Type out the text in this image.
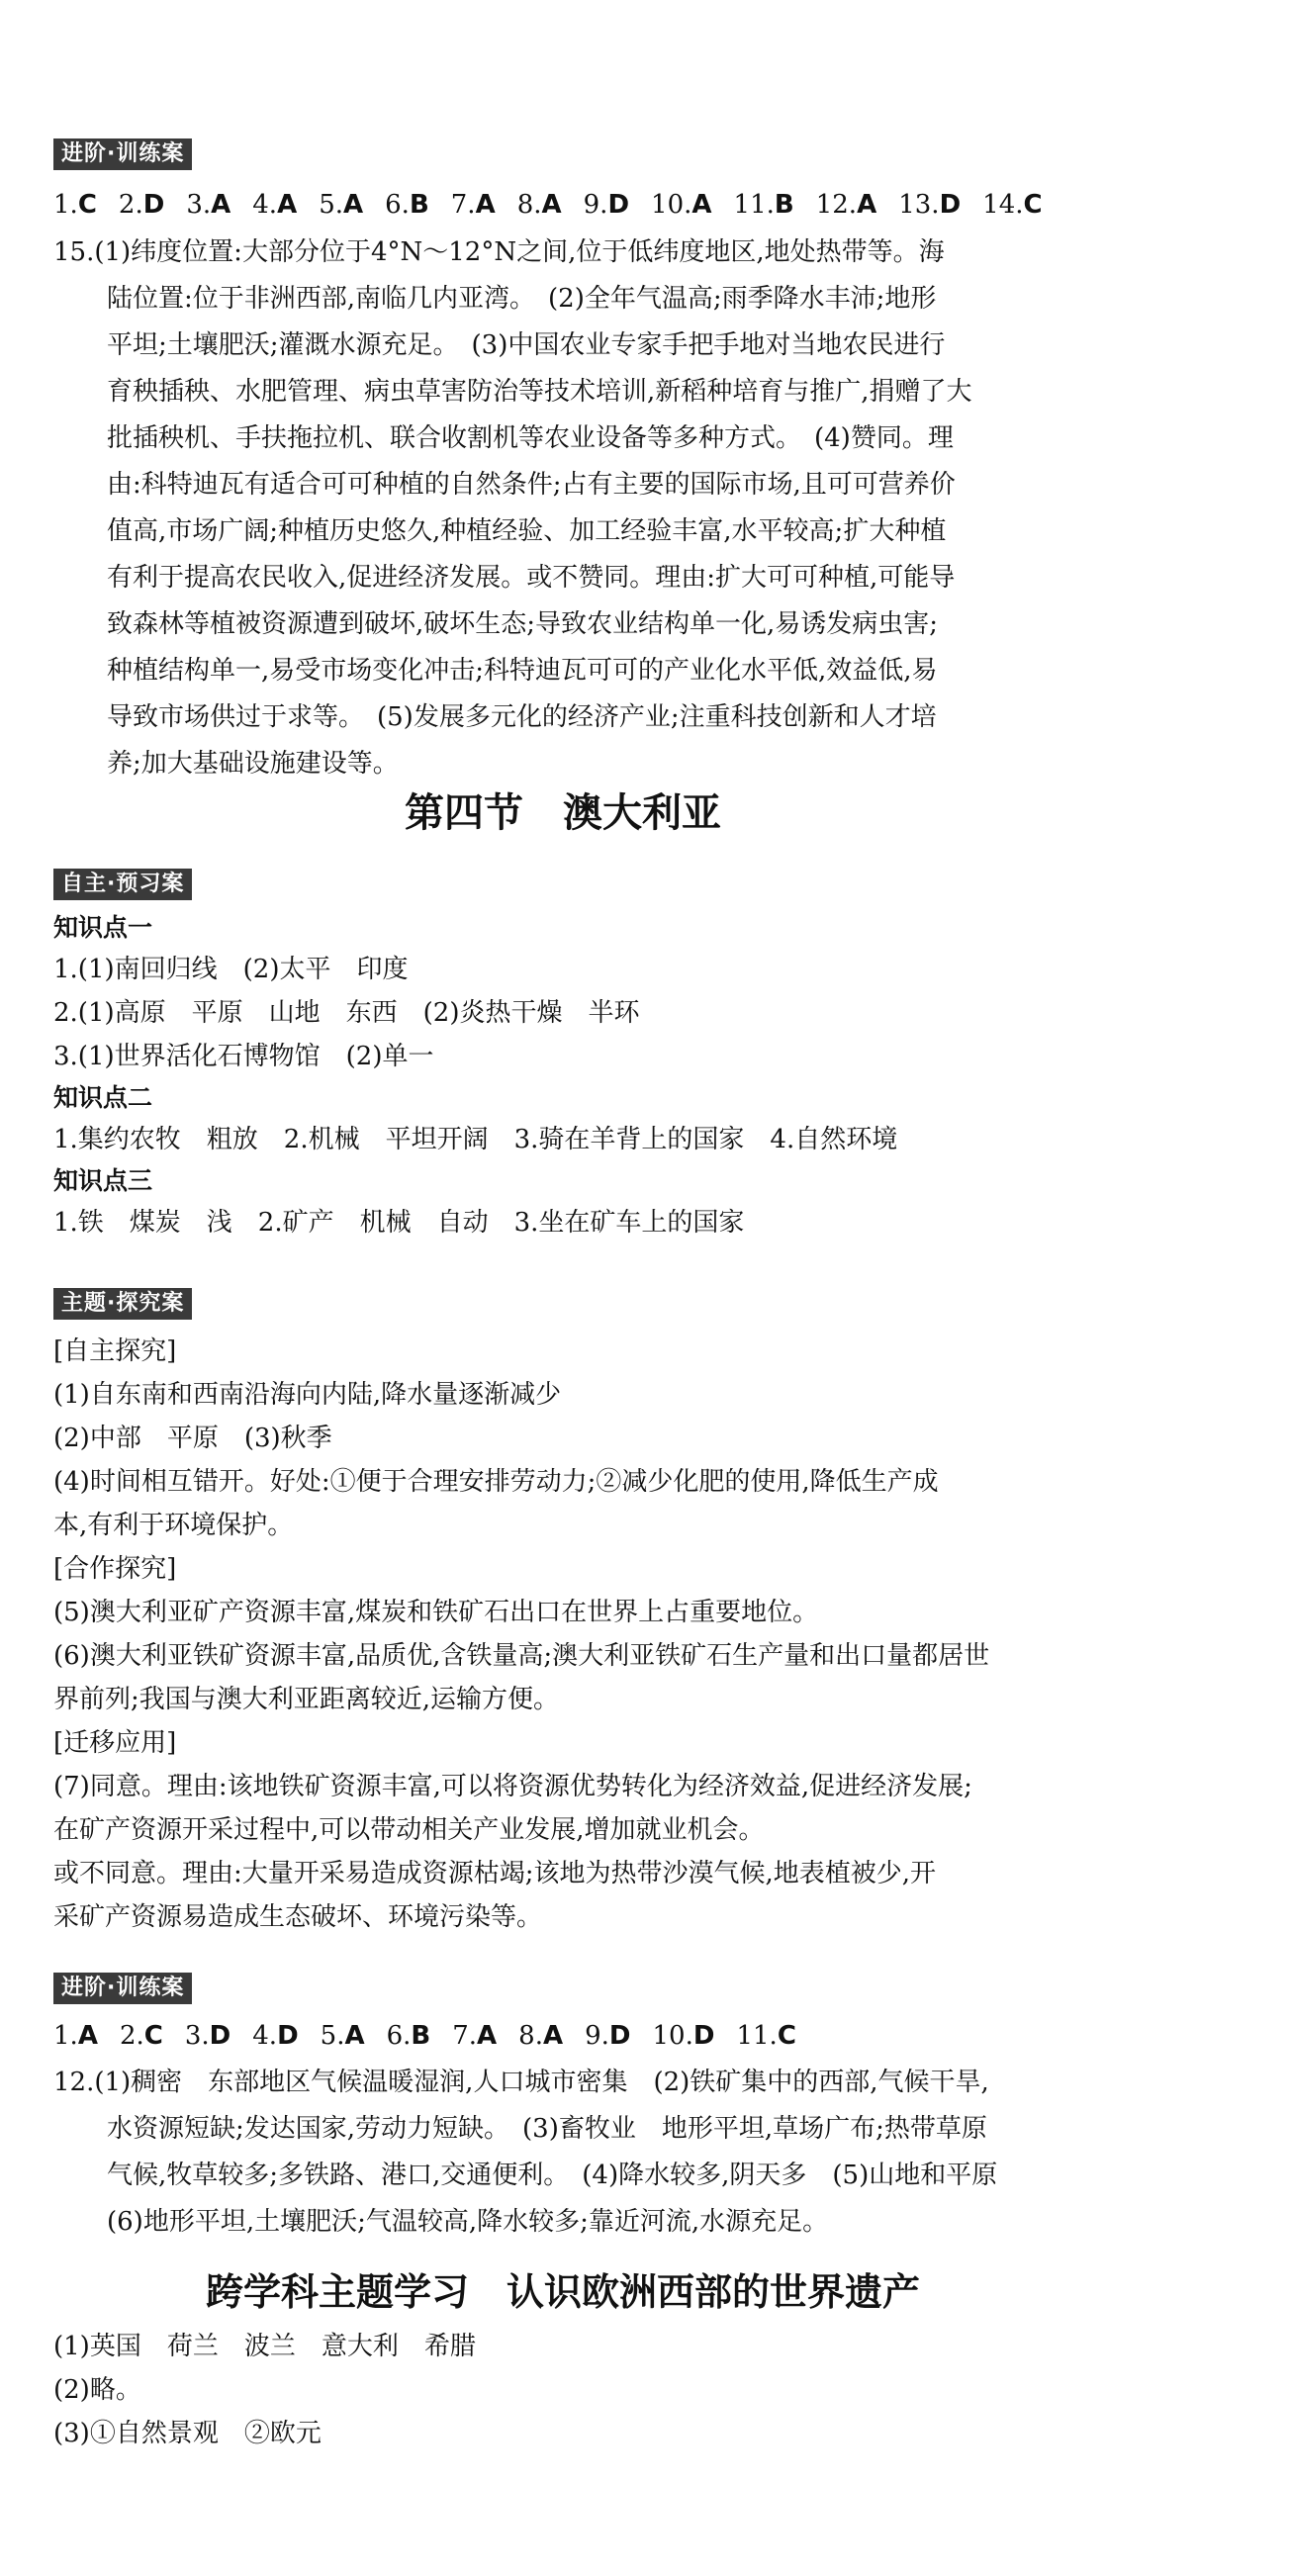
进阶·训练案
1.C 2.D 3.A 4.A 5.A 6.B 7.A 8.A 9.D 10.A 11.B 12.A 13.D 14.C
15.(1)纬度位置:大部分位于4°N～12°N之间,位于低纬度地区,地处热带等。海
陆位置:位于非洲西部,南临几内亚湾。　(2)全年气温高;雨季降水丰沛;地形
平坦;土壤肥沃;灌溉水源充足。　(3)中国农业专家手把手地对当地农民进行
育秧插秧、水肥管理、病虫草害防治等技术培训,新稻种培育与推广,捐赠了大
批插秧机、手扶拖拉机、联合收割机等农业设备等多种方式。　(4)赞同。理
由:科特迪瓦有适合可可种植的自然条件;占有主要的国际市场,且可可营养价
值高,市场广阔;种植历史悠久,种植经验、加工经验丰富,水平较高;扩大种植
有利于提高农民收入,促进经济发展。或不赞同。理由:扩大可可种植,可能导
致森林等植被资源遭到破坏,破坏生态;导致农业结构单一化,易诱发病虫害;
种植结构单一,易受市场变化冲击;科特迪瓦可可的产业化水平低,效益低,易
导致市场供过于求等。　(5)发展多元化的经济产业;注重科技创新和人才培
养;加大基础设施建设等。
第四节　澳大利亚
自主·预习案
知识点一
1.(1)南回归线　(2)太平　印度
2.(1)高原　平原　山地　东西　(2)炎热干燥　半环
3.(1)世界活化石博物馆　(2)单一
知识点二
1.集约农牧　粗放　2.机械　平坦开阔　3.骑在羊背上的国家　4.自然环境
知识点三
1.铁　煤炭　浅　2.矿产　机械　自动　3.坐在矿车上的国家
主题·探究案
[自主探究]
(1)自东南和西南沿海向内陆,降水量逐渐减少
(2)中部　平原　(3)秋季
(4)时间相互错开。好处:①便于合理安排劳动力;②减少化肥的使用,降低生产成
本,有利于环境保护。
[合作探究]
(5)澳大利亚矿产资源丰富,煤炭和铁矿石出口在世界上占重要地位。
(6)澳大利亚铁矿资源丰富,品质优,含铁量高;澳大利亚铁矿石生产量和出口量都居世
界前列;我国与澳大利亚距离较近,运输方便。
[迁移应用]
(7)同意。理由:该地铁矿资源丰富,可以将资源优势转化为经济效益,促进经济发展;
在矿产资源开采过程中,可以带动相关产业发展,增加就业机会。
或不同意。理由:大量开采易造成资源枯竭;该地为热带沙漠气候,地表植被少,开
采矿产资源易造成生态破坏、环境污染等。
进阶·训练案
1.A 2.C 3.D 4.D 5.A 6.B 7.A 8.A 9.D 10.D 11.C
12.(1)稠密　东部地区气候温暖湿润,人口城市密集　(2)铁矿集中的西部,气候干旱,
水资源短缺;发达国家,劳动力短缺。　(3)畜牧业　地形平坦,草场广布;热带草原
气候,牧草较多;多铁路、港口,交通便利。　(4)降水较多,阴天多　(5)山地和平原
(6)地形平坦,土壤肥沃;气温较高,降水较多;靠近河流,水源充足。
跨学科主题学习　认识欧洲西部的世界遗产
(1)英国　荷兰　波兰　意大利　希腊
(2)略。
(3)①自然景观　②欧元
